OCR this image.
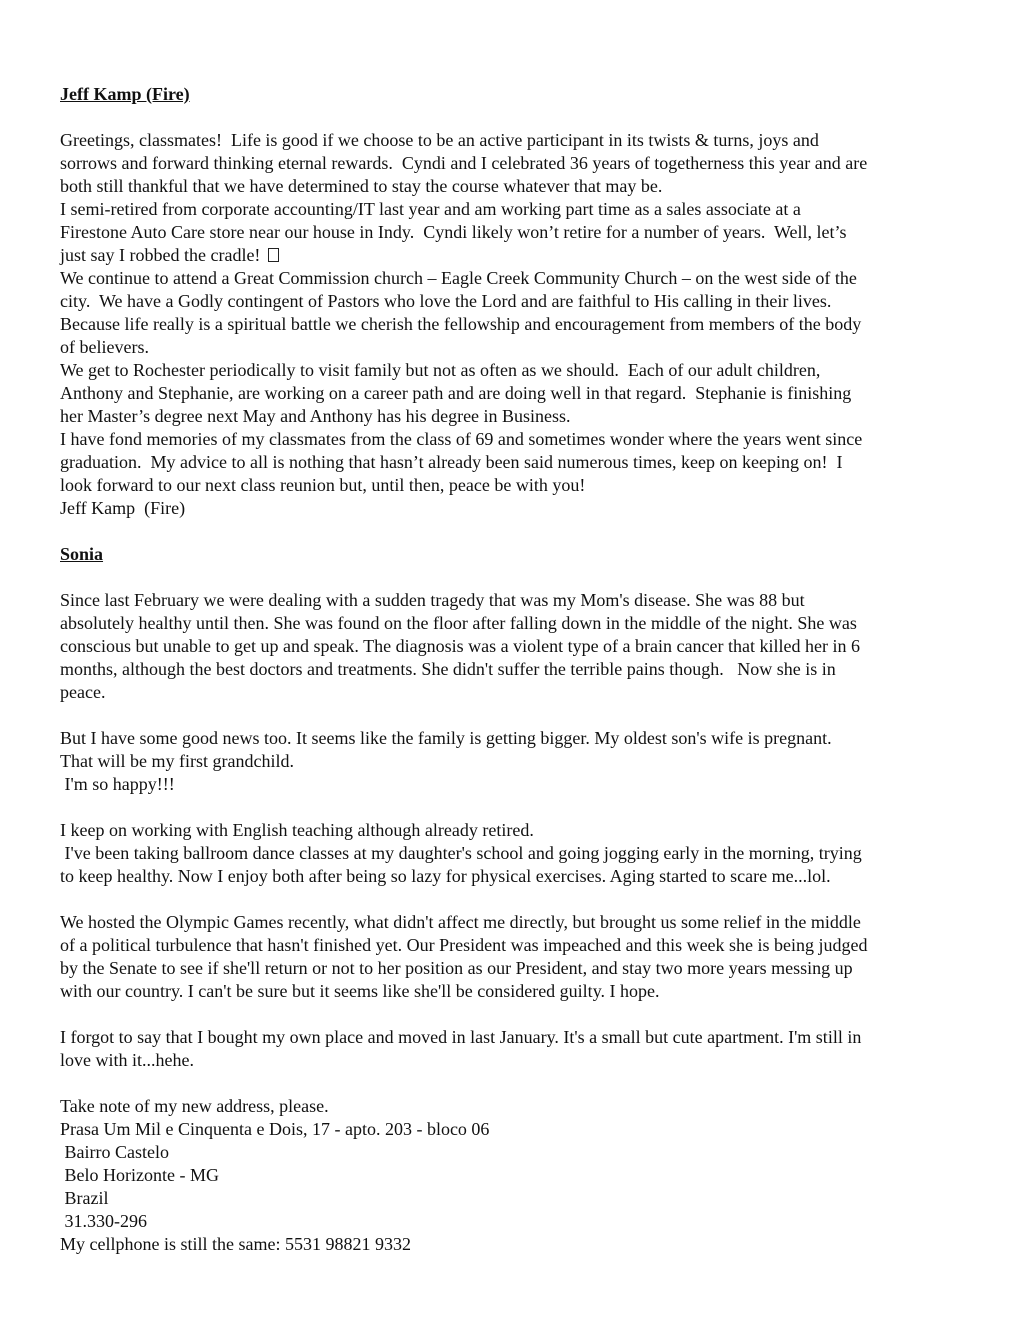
Jeff Kamp (Fire)
Greetings, classmates!  Life is good if we choose to be an active participant in its twists & turns, joys and
sorrows and forward thinking eternal rewards.  Cyndi and I celebrated 36 years of togetherness this year and are
both still thankful that we have determined to stay the course whatever that may be.
I semi-retired from corporate accounting/IT last year and am working part time as a sales associate at a
Firestone Auto Care store near our house in Indy.  Cyndi likely won’t retire for a number of years.  Well, let’s
just say I robbed the cradle!
We continue to attend a Great Commission church – Eagle Creek Community Church – on the west side of the
city.  We have a Godly contingent of Pastors who love the Lord and are faithful to His calling in their lives.
Because life really is a spiritual battle we cherish the fellowship and encouragement from members of the body
of believers.
We get to Rochester periodically to visit family but not as often as we should.  Each of our adult children,
Anthony and Stephanie, are working on a career path and are doing well in that regard.  Stephanie is finishing
her Master’s degree next May and Anthony has his degree in Business.
I have fond memories of my classmates from the class of 69 and sometimes wonder where the years went since
graduation.  My advice to all is nothing that hasn’t already been said numerous times, keep on keeping on!  I
look forward to our next class reunion but, until then, peace be with you!
Jeff Kamp  (Fire)
Sonia
Since last February we were dealing with a sudden tragedy that was my Mom's disease. She was 88 but
absolutely healthy until then. She was found on the floor after falling down in the middle of the night. She was
conscious but unable to get up and speak. The diagnosis was a violent type of a brain cancer that killed her in 6
months, although the best doctors and treatments. She didn't suffer the terrible pains though.   Now she is in
peace.
But I have some good news too. It seems like the family is getting bigger. My oldest son's wife is pregnant.
That will be my first grandchild.
I'm so happy!!!
I keep on working with English teaching although already retired.
I've been taking ballroom dance classes at my daughter's school and going jogging early in the morning, trying
to keep healthy. Now I enjoy both after being so lazy for physical exercises. Aging started to scare me...lol.
We hosted the Olympic Games recently, what didn't affect me directly, but brought us some relief in the middle
of a political turbulence that hasn't finished yet. Our President was impeached and this week she is being judged
by the Senate to see if she'll return or not to her position as our President, and stay two more years messing up
with our country. I can't be sure but it seems like she'll be considered guilty. I hope.
I forgot to say that I bought my own place and moved in last January. It's a small but cute apartment. I'm still in
love with it...hehe.
Take note of my new address, please.
Prasa Um Mil e Cinquenta e Dois, 17 - apto. 203 - bloco 06
Bairro Castelo
Belo Horizonte - MG
Brazil
31.330-296
My cellphone is still the same: 5531 98821 9332
